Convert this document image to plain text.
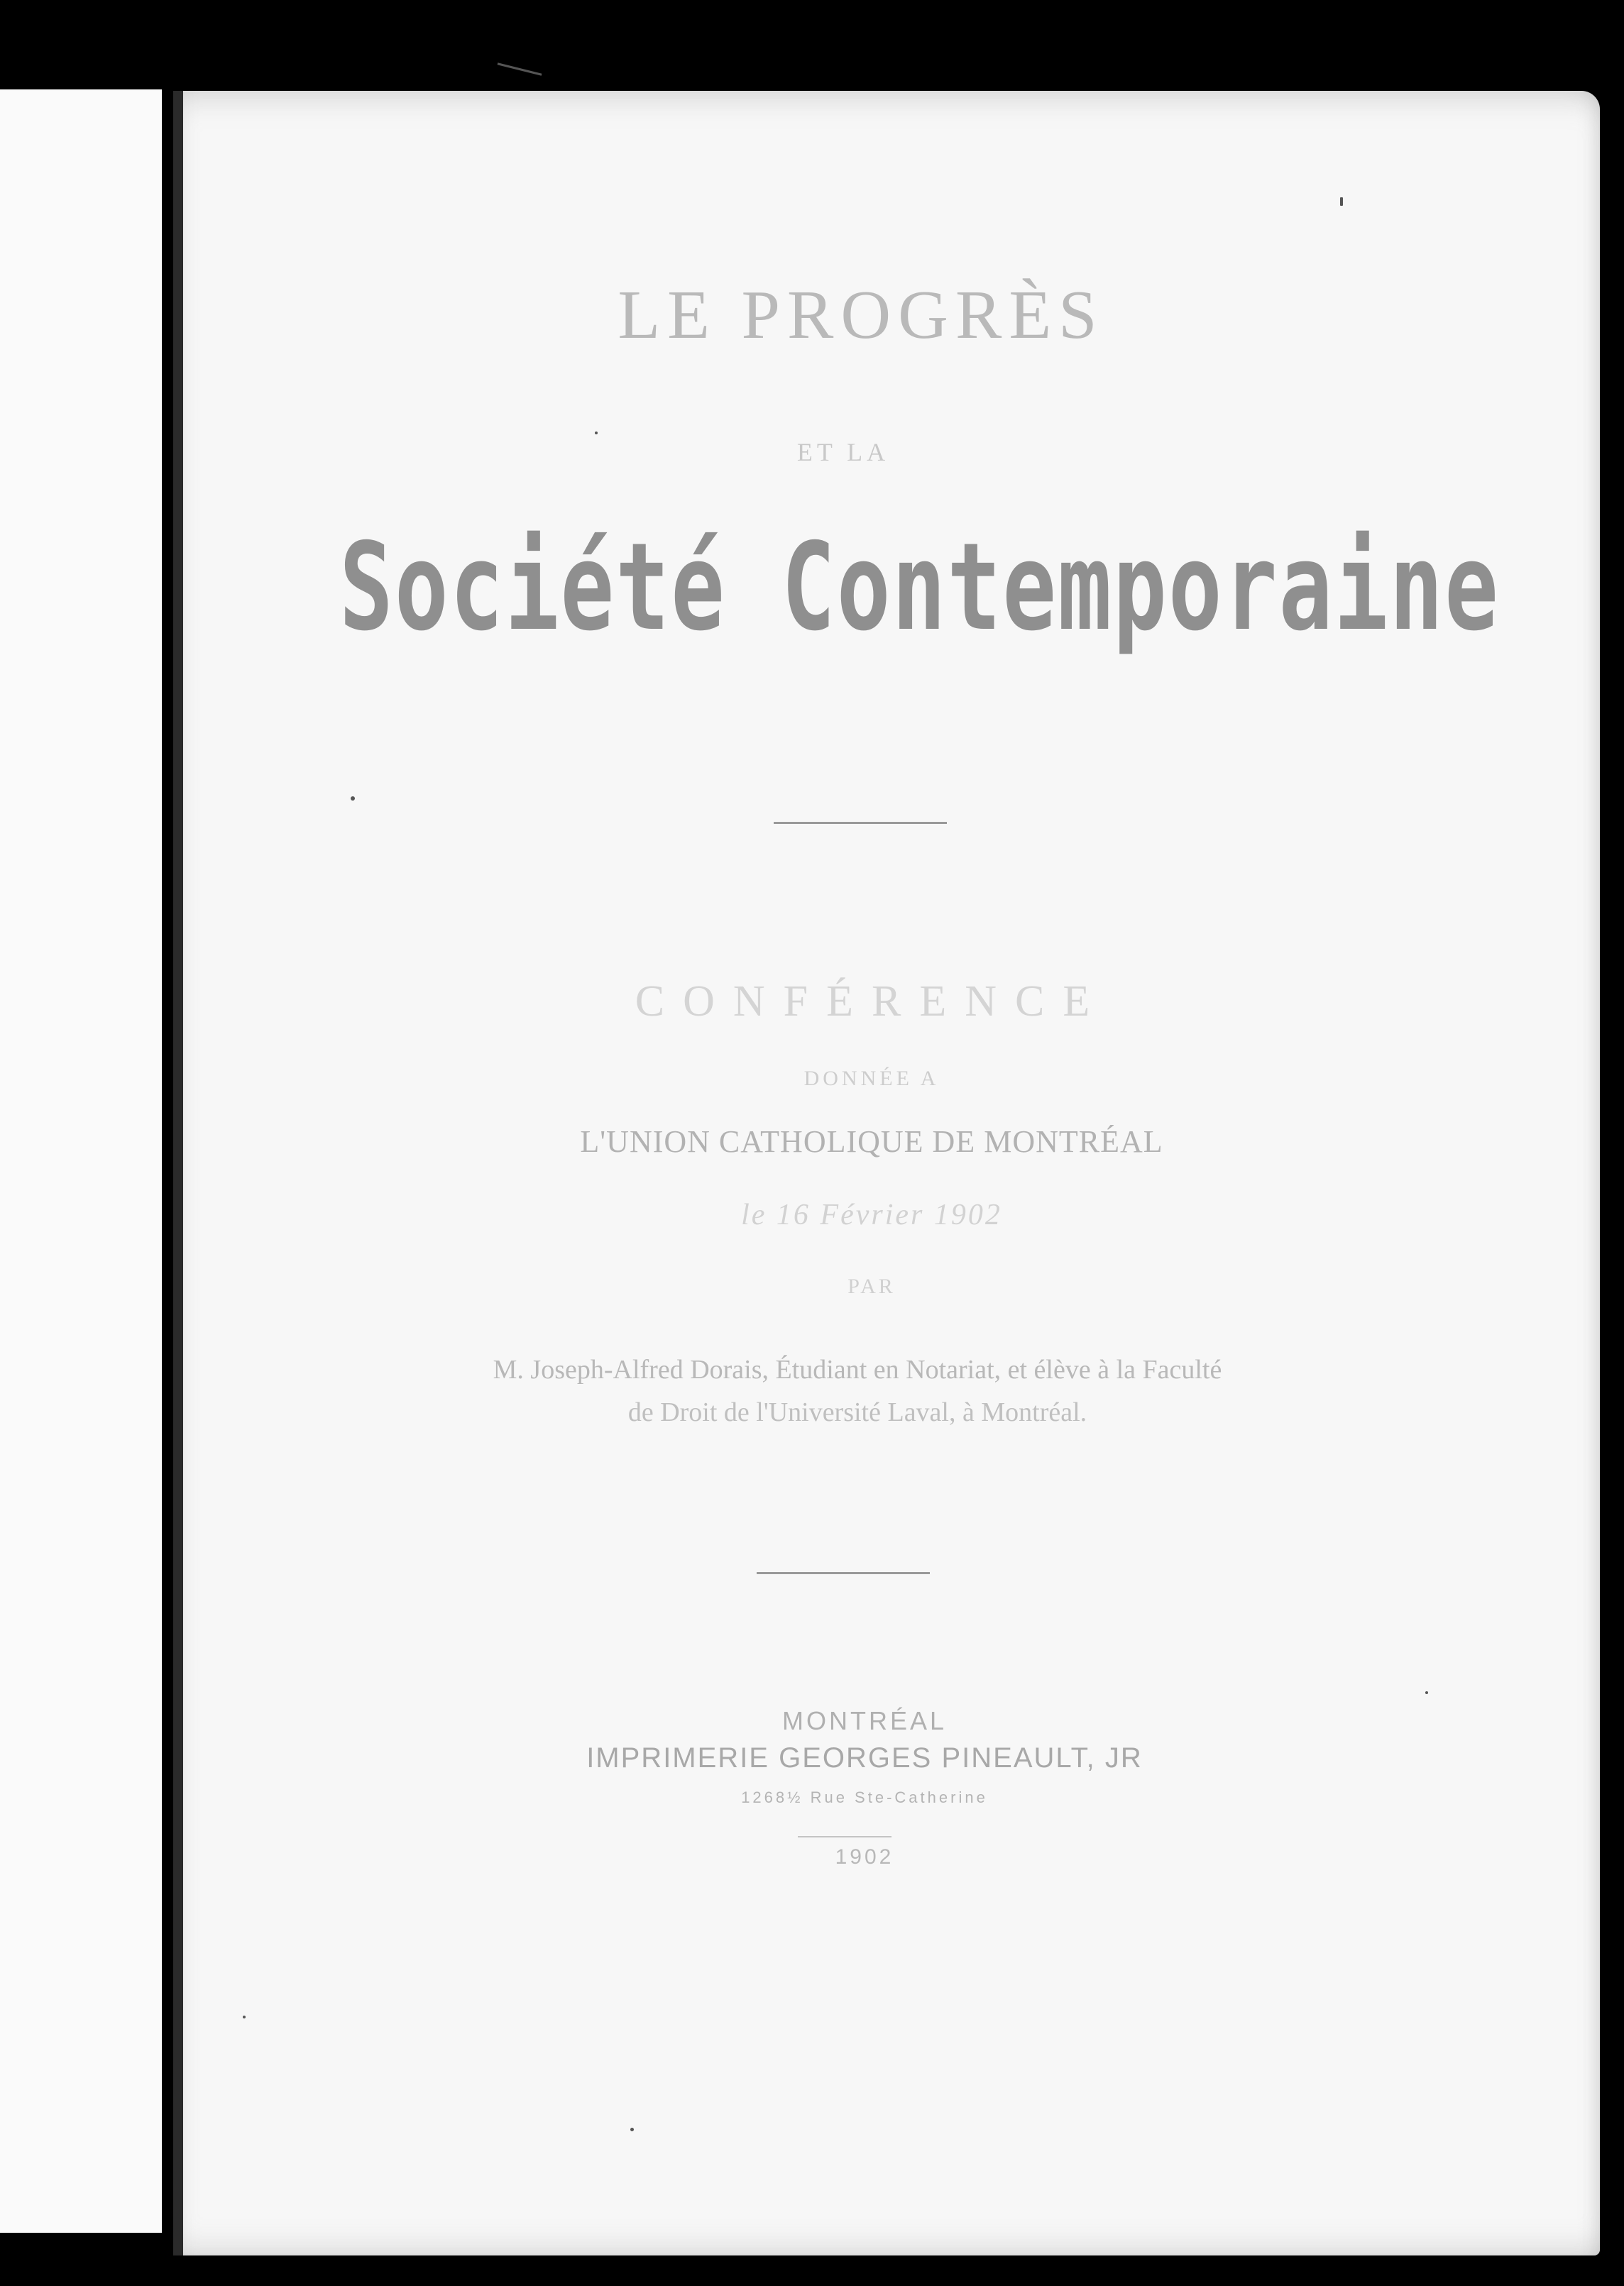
LE PROGRÈS
ET LA
Société Contemporaine
CONFÉRENCE
DONNÉE A
L'UNION CATHOLIQUE DE MONTRÉAL
le 16 Février 1902
PAR
M. Joseph-Alfred Dorais, Étudiant en Notariat, et élève à la Faculté
de Droit de l'Université Laval, à Montréal.
MONTRÉAL
IMPRIMERIE GEORGES PINEAULT, JR
1268½ Rue Ste-Catherine
1902
